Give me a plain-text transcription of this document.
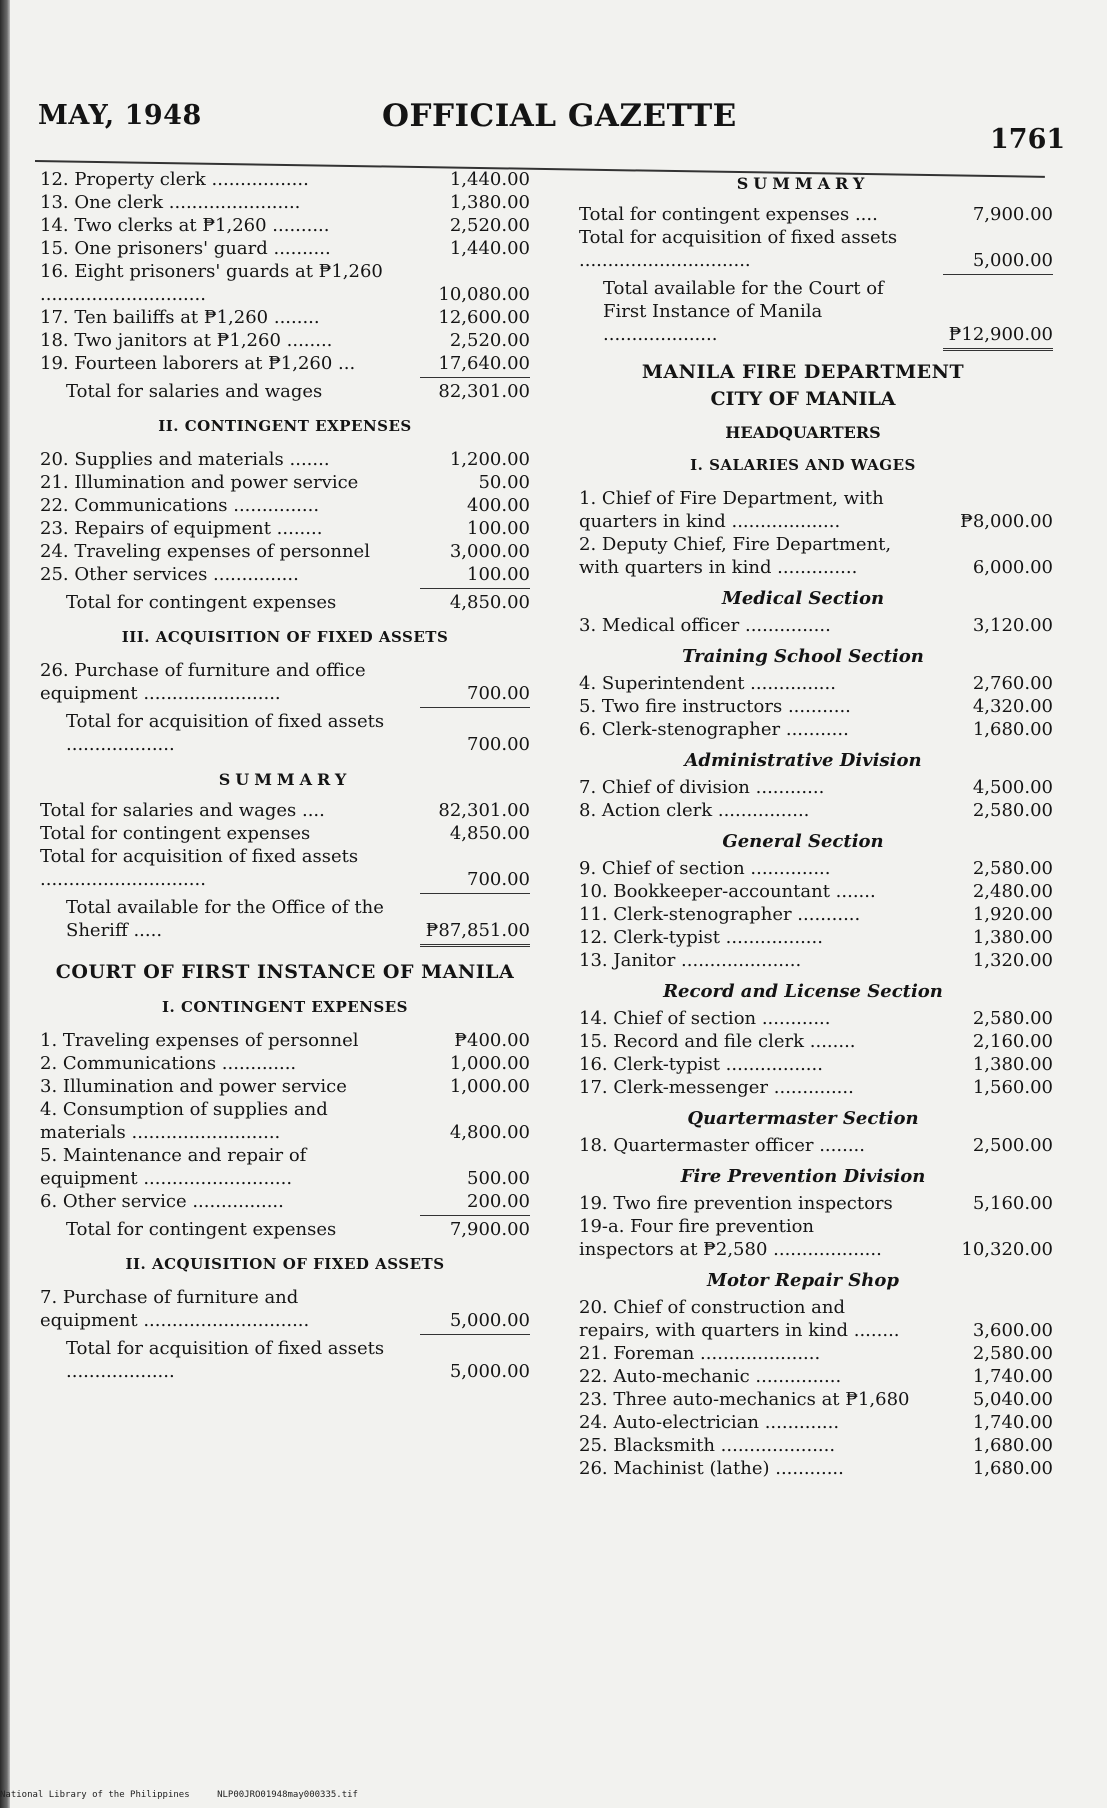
MAY, 1948	OFFICIAL GAZETTE
1761
12. Property clerk .................	1,440.00
13. One clerk .......................	1,380.00
14. Two clerks at ₱1,260 ..........	2,520.00
15. One prisoners' guard ..........	1,440.00
16. Eight prisoners' guards at ₱1,260 .............................	10,080.00
17. Ten bailiffs at ₱1,260 ........	12,600.00
18. Two janitors at ₱1,260 ........	2,520.00
19. Fourteen laborers at ₱1,260 ...	17,640.00
Total for salaries and wages	82,301.00
II. CONTINGENT EXPENSES
20. Supplies and materials .......	1,200.00
21. Illumination and power service	50.00
22. Communications ...............	400.00
23. Repairs of equipment ........	100.00
24. Traveling expenses of personnel	3,000.00
25. Other services ...............	100.00
Total for contingent expenses	4,850.00
III. ACQUISITION OF FIXED ASSETS
26. Purchase of furniture and office equipment ........................	700.00
Total for acquisition of fixed assets ...................	700.00
SUMMARY
Total for salaries and wages ....	82,301.00
Total for contingent expenses	4,850.00
Total for acquisition of fixed assets .............................	700.00
Total available for the Office of the Sheriff .....	₱87,851.00
COURT OF FIRST INSTANCE OF MANILA
I. CONTINGENT EXPENSES
1. Traveling expenses of personnel	₱400.00
2. Communications .............	1,000.00
3. Illumination and power service	1,000.00
4. Consumption of supplies and materials ..........................	4,800.00
5. Maintenance and repair of equipment ..........................	500.00
6. Other service ................	200.00
Total for contingent expenses	7,900.00
II. ACQUISITION OF FIXED ASSETS
7. Purchase of furniture and equipment .............................	5,000.00
Total for acquisition of fixed assets ...................	5,000.00
SUMMARY
Total for contingent expenses ....	7,900.00
Total for acquisition of fixed assets ..............................	5,000.00
Total available for the Court of First Instance of Manila ....................	₱12,900.00
MANILA FIRE DEPARTMENT
CITY OF MANILA
HEADQUARTERS
I. SALARIES AND WAGES
1. Chief of Fire Department, with quarters in kind ...................	₱8,000.00
2. Deputy Chief, Fire Department, with quarters in kind ..............	6,000.00
Medical Section
3. Medical officer ...............	3,120.00
Training School Section
4. Superintendent ...............	2,760.00
5. Two fire instructors ...........	4,320.00
6. Clerk-stenographer ...........	1,680.00
Administrative Division
7. Chief of division ............	4,500.00
8. Action clerk ................	2,580.00
General Section
9. Chief of section ..............	2,580.00
10. Bookkeeper-accountant .......	2,480.00
11. Clerk-stenographer ...........	1,920.00
12. Clerk-typist .................	1,380.00
13. Janitor .....................	1,320.00
Record and License Section
14. Chief of section ............	2,580.00
15. Record and file clerk ........	2,160.00
16. Clerk-typist .................	1,380.00
17. Clerk-messenger ..............	1,560.00
Quartermaster Section
18. Quartermaster officer ........	2,500.00
Fire Prevention Division
19. Two fire prevention inspectors	5,160.00
19-a. Four fire prevention inspectors at ₱2,580 ...................	10,320.00
Motor Repair Shop
20. Chief of construction and repairs, with quarters in kind ........	3,600.00
21. Foreman .....................	2,580.00
22. Auto-mechanic ...............	1,740.00
23. Three auto-mechanics at ₱1,680	5,040.00
24. Auto-electrician .............	1,740.00
25. Blacksmith ....................	1,680.00
26. Machinist (lathe) ............	1,680.00
National Library of the Philippines	NLP00JRO01948may000335.tif
